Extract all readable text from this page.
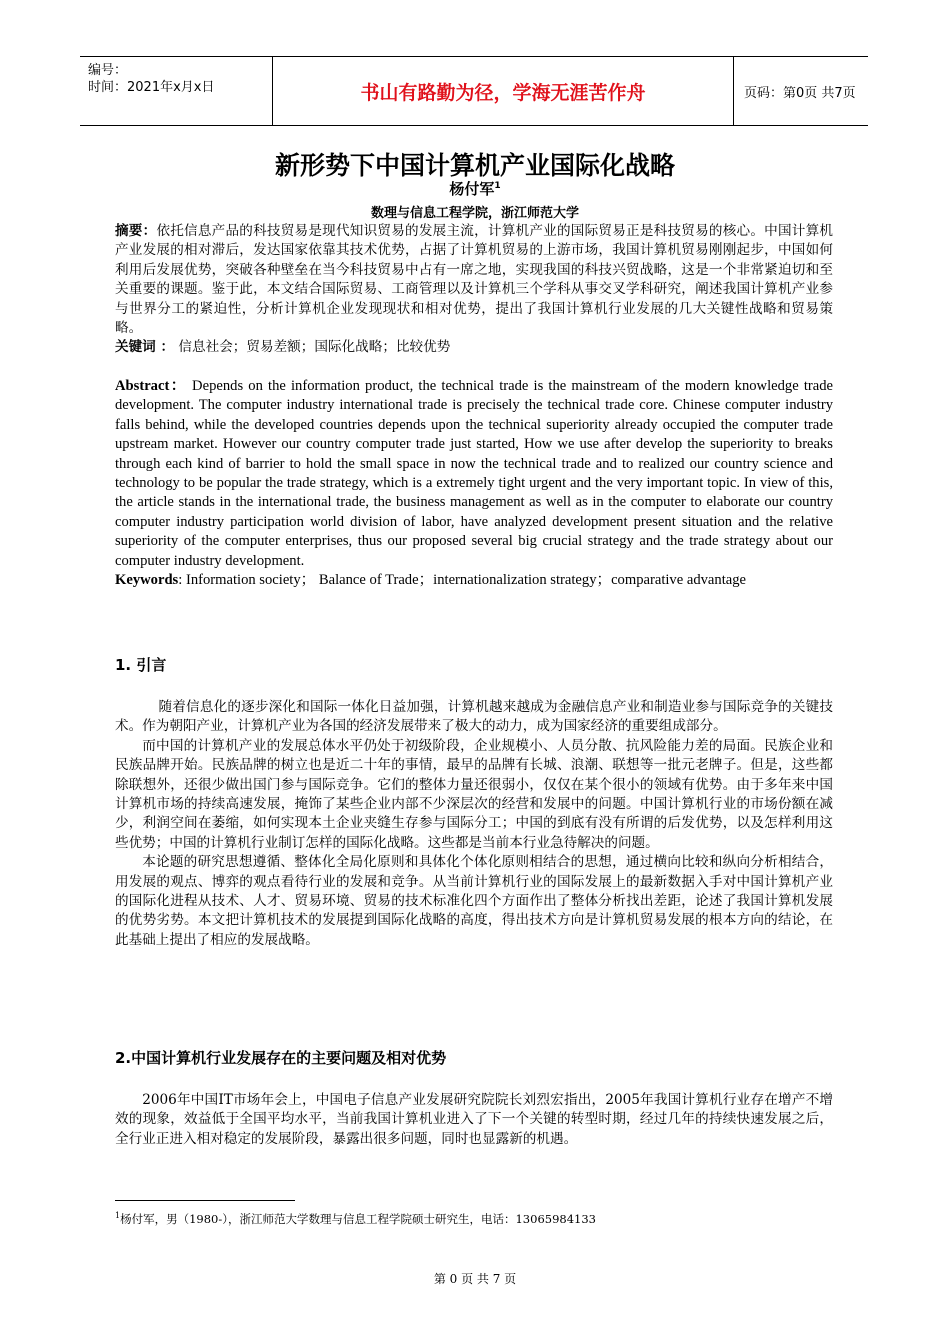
编号：
时间：2021年x月x日	书山有路勤为径，学海无涯苦作舟	页码：第0页 共7页
新形势下中国计算机产业国际化战略
杨付军$^1$
数理与信息工程学院，浙江师范大学

摘要：依托信息产品的科技贸易是现代知识贸易的发展主流，计算机产业的国际贸易正是科技贸易的核心。中国计算机产业发展的相对滞后，发达国家依靠其技术优势，占据了计算机贸易的上游市场，我国计算机贸易刚刚起步，中国如何利用后发展优势，突破各种壁垒在当今科技贸易中占有一席之地，实现我国的科技兴贸战略，这是一个非常紧迫切和至关重要的课题。鉴于此，本文结合国际贸易、工商管理以及计算机三个学科从事交叉学科研究，阐述我国计算机产业参与世界分工的紧迫性，分析计算机企业发现现状和相对优势，提出了我国计算机行业发展的几大关键性战略和贸易策略。

关键词 ： 信息社会；贸易差额；国际化战略；比较优势

Abstract： Depends on the information product, the technical trade is the mainstream of the modern knowledge trade development. The computer industry international trade is precisely the technical trade core. Chinese computer industry falls behind, while the developed countries depends upon the technical superiority already occupied the computer trade upstream market. However our country computer trade just started, How we use after develop the superiority to breaks through each kind of barrier to hold the small space in now the technical trade and to realized our country science and technology to be popular the trade strategy, which is a extremely tight urgent and the very important topic. In view of this, the article stands in the international trade, the business management as well as in the computer to elaborate our country computer industry participation world division of labor, have analyzed development present situation and the relative superiority of the computer enterprises, thus our proposed several big crucial strategy and the trade strategy about our computer industry development.

Keywords: Information society； Balance of Trade；internationalization strategy；comparative advantage

1. 引言

随着信息化的逐步深化和国际一体化日益加强，计算机越来越成为金融信息产业和制造业参与国际竞争的关键技术。作为朝阳产业，计算机产业为各国的经济发展带来了极大的动力，成为国家经济的重要组成部分。

而中国的计算机产业的发展总体水平仍处于初级阶段，企业规模小、人员分散、抗风险能力差的局面。民族企业和民族品牌开始。民族品牌的树立也是近二十年的事情，最早的品牌有长城、浪潮、联想等一批元老牌子。但是，这些都除联想外，还很少做出国门参与国际竞争。它们的整体力量还很弱小，仅仅在某个很小的领域有优势。由于多年来中国计算机市场的持续高速发展，掩饰了某些企业内部不少深层次的经营和发展中的问题。中国计算机行业的市场份额在减少，利润空间在萎缩，如何实现本土企业夹缝生存参与国际分工；中国的到底有没有所谓的后发优势，以及怎样利用这些优势；中国的计算机行业制订怎样的国际化战略。这些都是当前本行业急待解决的问题。

本论题的研究思想遵循、整体化全局化原则和具体化个体化原则相结合的思想，通过横向比较和纵向分析相结合，用发展的观点、博弈的观点看待行业的发展和竞争。从当前计算机行业的国际发展上的最新数据入手对中国计算机产业的国际化进程从技术、人才、贸易环境、贸易的技术标准化四个方面作出了整体分析找出差距，论述了我国计算机发展的优势劣势。本文把计算机技术的发展提到国际化战略的高度，得出技术方向是计算机贸易发展的根本方向的结论，在此基础上提出了相应的发展战略。

2.中国计算机行业发展存在的主要问题及相对优势

2006年中国IT市场年会上，中国电子信息产业发展研究院院长刘烈宏指出，2005年我国计算机行业存在增产不增效的现象，效益低于全国平均水平，当前我国计算机业进入了下一个关键的转型时期，经过几年的持续快速发展之后，全行业正进入相对稳定的发展阶段，暴露出很多问题，同时也显露新的机遇。

$^1$杨付军，男（1980-），浙江师范大学数理与信息工程学院硕士研究生，电话：13065984133
第 0 页 共 7 页
